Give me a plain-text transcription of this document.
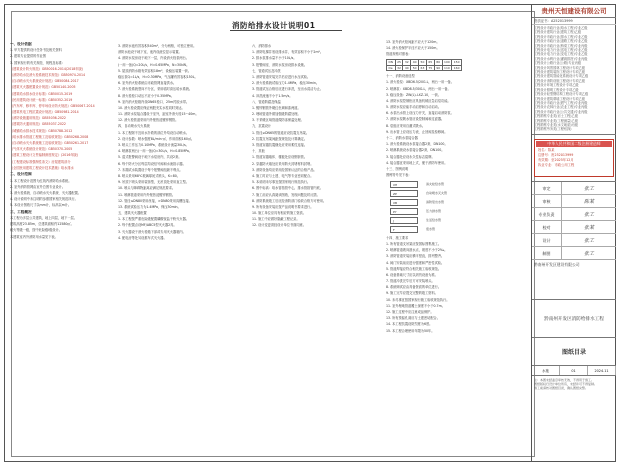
消防给排水设计说明01

一、设计依据

1. 甲方提供的设计任务书及相关资料

2. 建筑专业提供的作业图

3. 国家现行的有关规范、规程及标准：

《建筑设计防火规范》GB50016-2014(2018年版)

《消防给水及消火栓系统技术规范》GB50974-2014

《自动喷水灭火系统设计规范》GB50084-2017

《建筑灭火器配置设计规范》GB50140-2005

《建筑给水排水设计标准》GB50015-2019

《民用建筑设计统一标准》GB50352-2019

《汽车库、修车库、停车场设计防火规范》GB50067-2014

《建筑机电工程抗震设计规范》GB50981-2014

《消防设施通用规范》GB55036-2022

《建筑防火通用规范》GB55037-2022

《城镇给水排水技术规范》GB50788-2012

《给水排水管道工程施工及验收规范》GB50268-2008

《自动喷水灭火系统施工及验收规范》GB50261-2017

《气体灭火系统设计规范》GB50370-2005

《建筑工程设计文件编制深度规定》(2016年版)

《工程建设标准强制性条文》房屋建筑部分

《全国民用建筑工程设计技术措施》给水排水

二、设计范围

1. 本工程设计范围为红线内消防给水系统。

2. 室外消防管网由室外总图专业设计。

3. 消火栓系统、自动喷水灭火系统、灭火器配置。

4. 设计说明中未注明的参照国家相关规范执行。

5. 本设计图纸尺寸以mm计，标高以m计。

三、工程概况

本工程为多层公共建筑，地上四层，地下一层。

建筑高度23.85m，总建筑面积约12580㎡。

耐火等级一级，按中危险级I级设计。

本建筑室内外消防用水量见下表。

3. 消防水池有效容积540m³，分为两格，可独立使用。

消防水池设于地下室，池内设液位显示装置。

4. 消防水泵房设于地下一层，内设消火栓泵两台。

(一用一备)Q=20L/s，H=0.65MPa，N=30kW。

5. 屋顶消防水箱有效容积18m³，设稳压装置一套。

稳压泵Q=1L/s，H=0.30MPa，气压罐有效容积150L。

6. 室外消火栓系统由市政管网直接供水。

7. 消火栓系统竖向不分区，采用临时高压给水系统。

8. 消火栓栓口动压不应小于0.35MPa。

9. 室内消火栓箱内设DN65栓口、25m衬胶水带。

10. 消火栓设置应保证两股充实水柱同时到达。

11. 消防水泵接合器设于室外，距室外消火栓15~40m。

12. 消火栓管道采用内外壁热浸镀锌钢管。

四、自动喷水灭火系统

1. 本工程除不宜用水扑救的部位外均设自动喷水。

2. 设计参数：喷水强度8L/min·㎡，作用面积160㎡。

3. 喷头工作压力0.10MPa，系统设计流量30L/s。

4. 喷淋泵两台(一用一备)Q=30L/s，H=0.85MPa。

5. 湿式报警阀设于地下水泵房内，共设2套。

6. 每个防火分区每层均设信号阀和水流指示器。

7. 末端试水装置设于每个报警阀组最不利点。

8. 喷头采用68℃玻璃球闭式喷头，K=80。

9. 吊顶下喷头采用装饰型，无吊顶处采用直立型。

10. 喷头与障碍物距离应满足规范要求。

11. 喷淋管道采用内外壁热浸镀锌钢管。

12. 管径≤DN80采用丝接，>DN80采用沟槽连接。

13. 系统试验压力为1.4MPa，保压30min。

五、建筑灭火器配置

1. 本工程按严重危险级配置磷酸铵盐干粉灭火器。

2. 每个配置点设MF/ABC5型灭火器2具。

3. 灭火器设于消火栓箱下部或专用灭火器箱内。

4. 配电房等处另设推车式灭火器。

六、消防排水

1. 消防电梯井底设排水井，有效容积不小于2m³。

2. 排水泵排水量不小于10L/s。

3. 报警阀室、消防水泵房设排水设施。

七、管道试压及冲洗

1. 消防管道安装完毕后应进行水压试验。

2. 消火栓系统试验压力1.4MPa，稳压30min。

3. 管道试压合格后应进行冲洗，至出水清洁为止。

4. 冲洗流速不小于1.5m/s。

八、管道防腐及保温

1. 镀锌钢管外刷红色调和漆两道。

2. 埋地管道外做加强级防腐处理。

3. 不采暖区域管道做防冻保温处理。

九、抗震设计

1. 管径≥DN65的管道应设抗震支吊架。

2. 抗震支吊架间距按规范及计算确定。

3. 管道穿越抗震缝处应采用柔性连接。

十、其他

1. 管道穿越墙体、楼板处应设钢套管。

2. 穿越防火墙处应采用防火封堵材料封堵。

3. 消防设备均应采用经国家认证的合格产品。

4. 施工时应与土建、电气等专业密切配合。

5. 本说明未尽事宜按国家现行规范执行。

6. 图中标高：给水管指管中心，排水管指管内底。

7. 施工前应认真阅读图纸，发现问题及时反馈。

8. 消防系统竣工后应经消防部门验收合格方可使用。

9. 所有设备安装应按产品说明书要求进行。

10. 施工单位应具有相应的施工资质。

11. 施工中应做好隐蔽工程记录。

12. 设计变更须经设计单位书面同意。

13. 室外消火栓间距不应大于120m。

14. 消火栓保护半径不应大于150m。

管道规格对照表：

DN	25	32	40	50	65	80	100	150
De	32	40	50	63	75	90	110	160

十一、消防设备选型

1. 消火栓泵：XBD6.5/20G-L，两台一用一备。

2. 喷淋泵：XBD8.5/30G-L，两台一用一备。

3. 稳压设备：ZW(L)-I-XZ-10，一套。

4. 消防水泵控制柜应具备机械应急启泵功能。

5. 消防水泵应能手动启停和自动启动。

6. 水泵出水管上设压力开关，直接启动消防泵。

7. 消防水泵吸水管应设控制阀和过滤器。

8. 泵组应采用自灌式吸水。

9. 出水管上应设压力表、止回阀及检修阀。

十二、消防水泵接合器

1. 消火栓系统设水泵接合器2套，DN100。

2. 喷淋系统设水泵接合器2套，DN100。

3. 接合器处应设永久性标志铭牌。

4. 接合器宜采用地上式，便于消防车使用。

十三、图例说明

图例符号见下表：

XH	消火栓给水管
ZP	自动喷水灭火管
XB	消防泵出水管
PY	压力排水管
J	生活给水管
F	废水管

十四、施工要求

1. 所有管道支吊架应按国标图集施工。

2. 喷淋管道坡向泄水点，坡度不小于2‰。

3. 消防管道安装应横平竖直，排列整齐。

4. 阀门安装前应进行强度和严密性试验。

5. 管道焊接应符合相关施工验收规范。

6. 设备基础尺寸应以到货设备为准。

7. 管道冲洗完毕后方可安装喷头。

8. 系统调试应由具备资质的单位进行。

9. 施工完毕应提交完整的竣工资料。

10. 未尽事宜按国家现行施工验收规范执行。

11. 室外埋地管道覆土深度不小于0.7m。

12. 施工过程中应注意成品保护。

13. 所有预留孔洞应与土建密切配合。

14. 本工程抗震设防烈度为6度。

15. 本工程合理使用年限为50年。

贵州天恒建设有限公司
资质证书：A252013999

工程设计市政行业(给水工程)专业乙级

工程设计建筑行业(建筑工程)乙级

工程设计市政行业(排水工程)专业乙级

工程设计市政行业(道路工程)专业乙级

工程设计市政行业(桥梁工程)专业丙级

工程设计电力行业(送电工程)专业乙级

工程设计电力行业(变电工程)专业乙级

工程设计水利行业(灌溉排涝)专业丙级

工程设计公路行业(公路)专业丙级

工程设计风景园林工程设计专项乙级

工程设计建筑装饰工程设计专项乙级

工程设计建筑智能化系统设计专项乙级

工程设计消防设施工程设计专项乙级

工程设计环境工程设计专项乙级

工程设计照明工程设计专项乙级

工程设计轻型钢结构工程设计专项乙级

工程设计建筑幕墙工程设计专项乙级

工程设计市政行业(燃气工程)专业丙级

工程设计农林行业(农业工程)专业丙级

工程设计市政行业(公共交通)专业丙级

工程勘察专业类(岩土工程)乙级

工程勘察专业类(工程测量)乙级

工程勘察专业类(水文地质)丙级

工程勘察劳务类(工程钻探)

中华人民共和国二级注册建造师

姓名：陈某

注册号：贵252013999

有效期：至2025年12月

执业专业：市政公用工程

审定	张工
审核	陈某
专业负责	张工
校对	张某
设计	张工
制图	张工
黔南州开发区建设有限公司
黔南州开发区消防给排水工程
图纸目录
水施	01	2024.11

注：本图未经盖章审核无效，不得用于施工。

图纸版权归设计单位所有，未经许可不得复制。

施工前请核对图纸目录，确认图纸完整。
